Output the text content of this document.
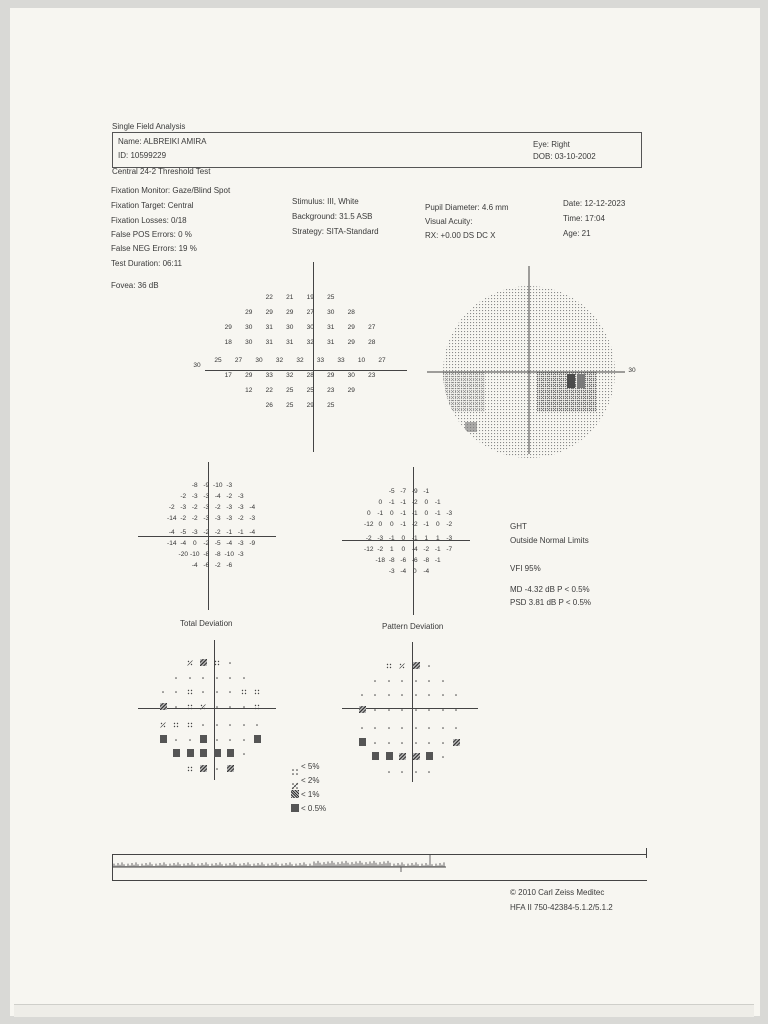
Single Field Analysis
Name: ALBREIKI AMIRA
ID: 10599229
Eye: Right
DOB: 03-10-2002
Central 24-2 Threshold Test
Fixation Monitor: Gaze/Blind Spot
Fixation Target: Central
Fixation Losses: 0/18
False POS Errors: 0 %
False NEG Errors: 19 %
Test Duration: 06:11
Fovea: 36 dB
Stimulus: III, White
Background: 31.5 ASB
Strategy: SITA-Standard
Pupil Diameter: 4.6 mm
Visual Acuity:
RX: +0.00 DS DC X
Date: 12-12-2023
Time: 17:04
Age: 21
30
22 21 19 25
29 29 29 27 30 28
29 30 31 30 30 31 29 27
18 30 31 31 32 31 29 28
25 27 30 32 32 33 33 10 27
17 29 33 32 28 29 30 23
12 22 25 25 23 29
26 25 29 25
30
-8 -9 -10 -3
-2 -3 -3 -4 -2 -3
-2 -3 -2 -3 -2 -3 -3 -4
-14 -2 -2 -3 -3 -3 -2 -3
-4 -5 -3 -2 -2 -1 -1 -4
-14 -4 0 -2 -5 -4 -3 -9
-20 -10 -8 -8 -10 -3
-4 -6 -2 -6
-5 -7 -9 -1
0 -1 -1 -2 0 -1
0 -1 0 -1 -1 0 -1 -3
-12 0 0 -1 -2 -1 0 -2
-2 -3 -1 0 -1 1 1 -3
-12 -2 1 0 -4 -2 -1 -7
-18 -8 -6 -6 -8 -1
-3 -4 0 -4
GHT
Outside Normal Limits
VFI 95%
MD -4.32 dB P < 0.5%
PSD 3.81 dB P < 0.5%
Total Deviation	Pattern Deviation
< 5%
< 2%
< 1%
< 0.5%
© 2010 Carl Zeiss Meditec
HFA II 750-42384-5.1.2/5.1.2
